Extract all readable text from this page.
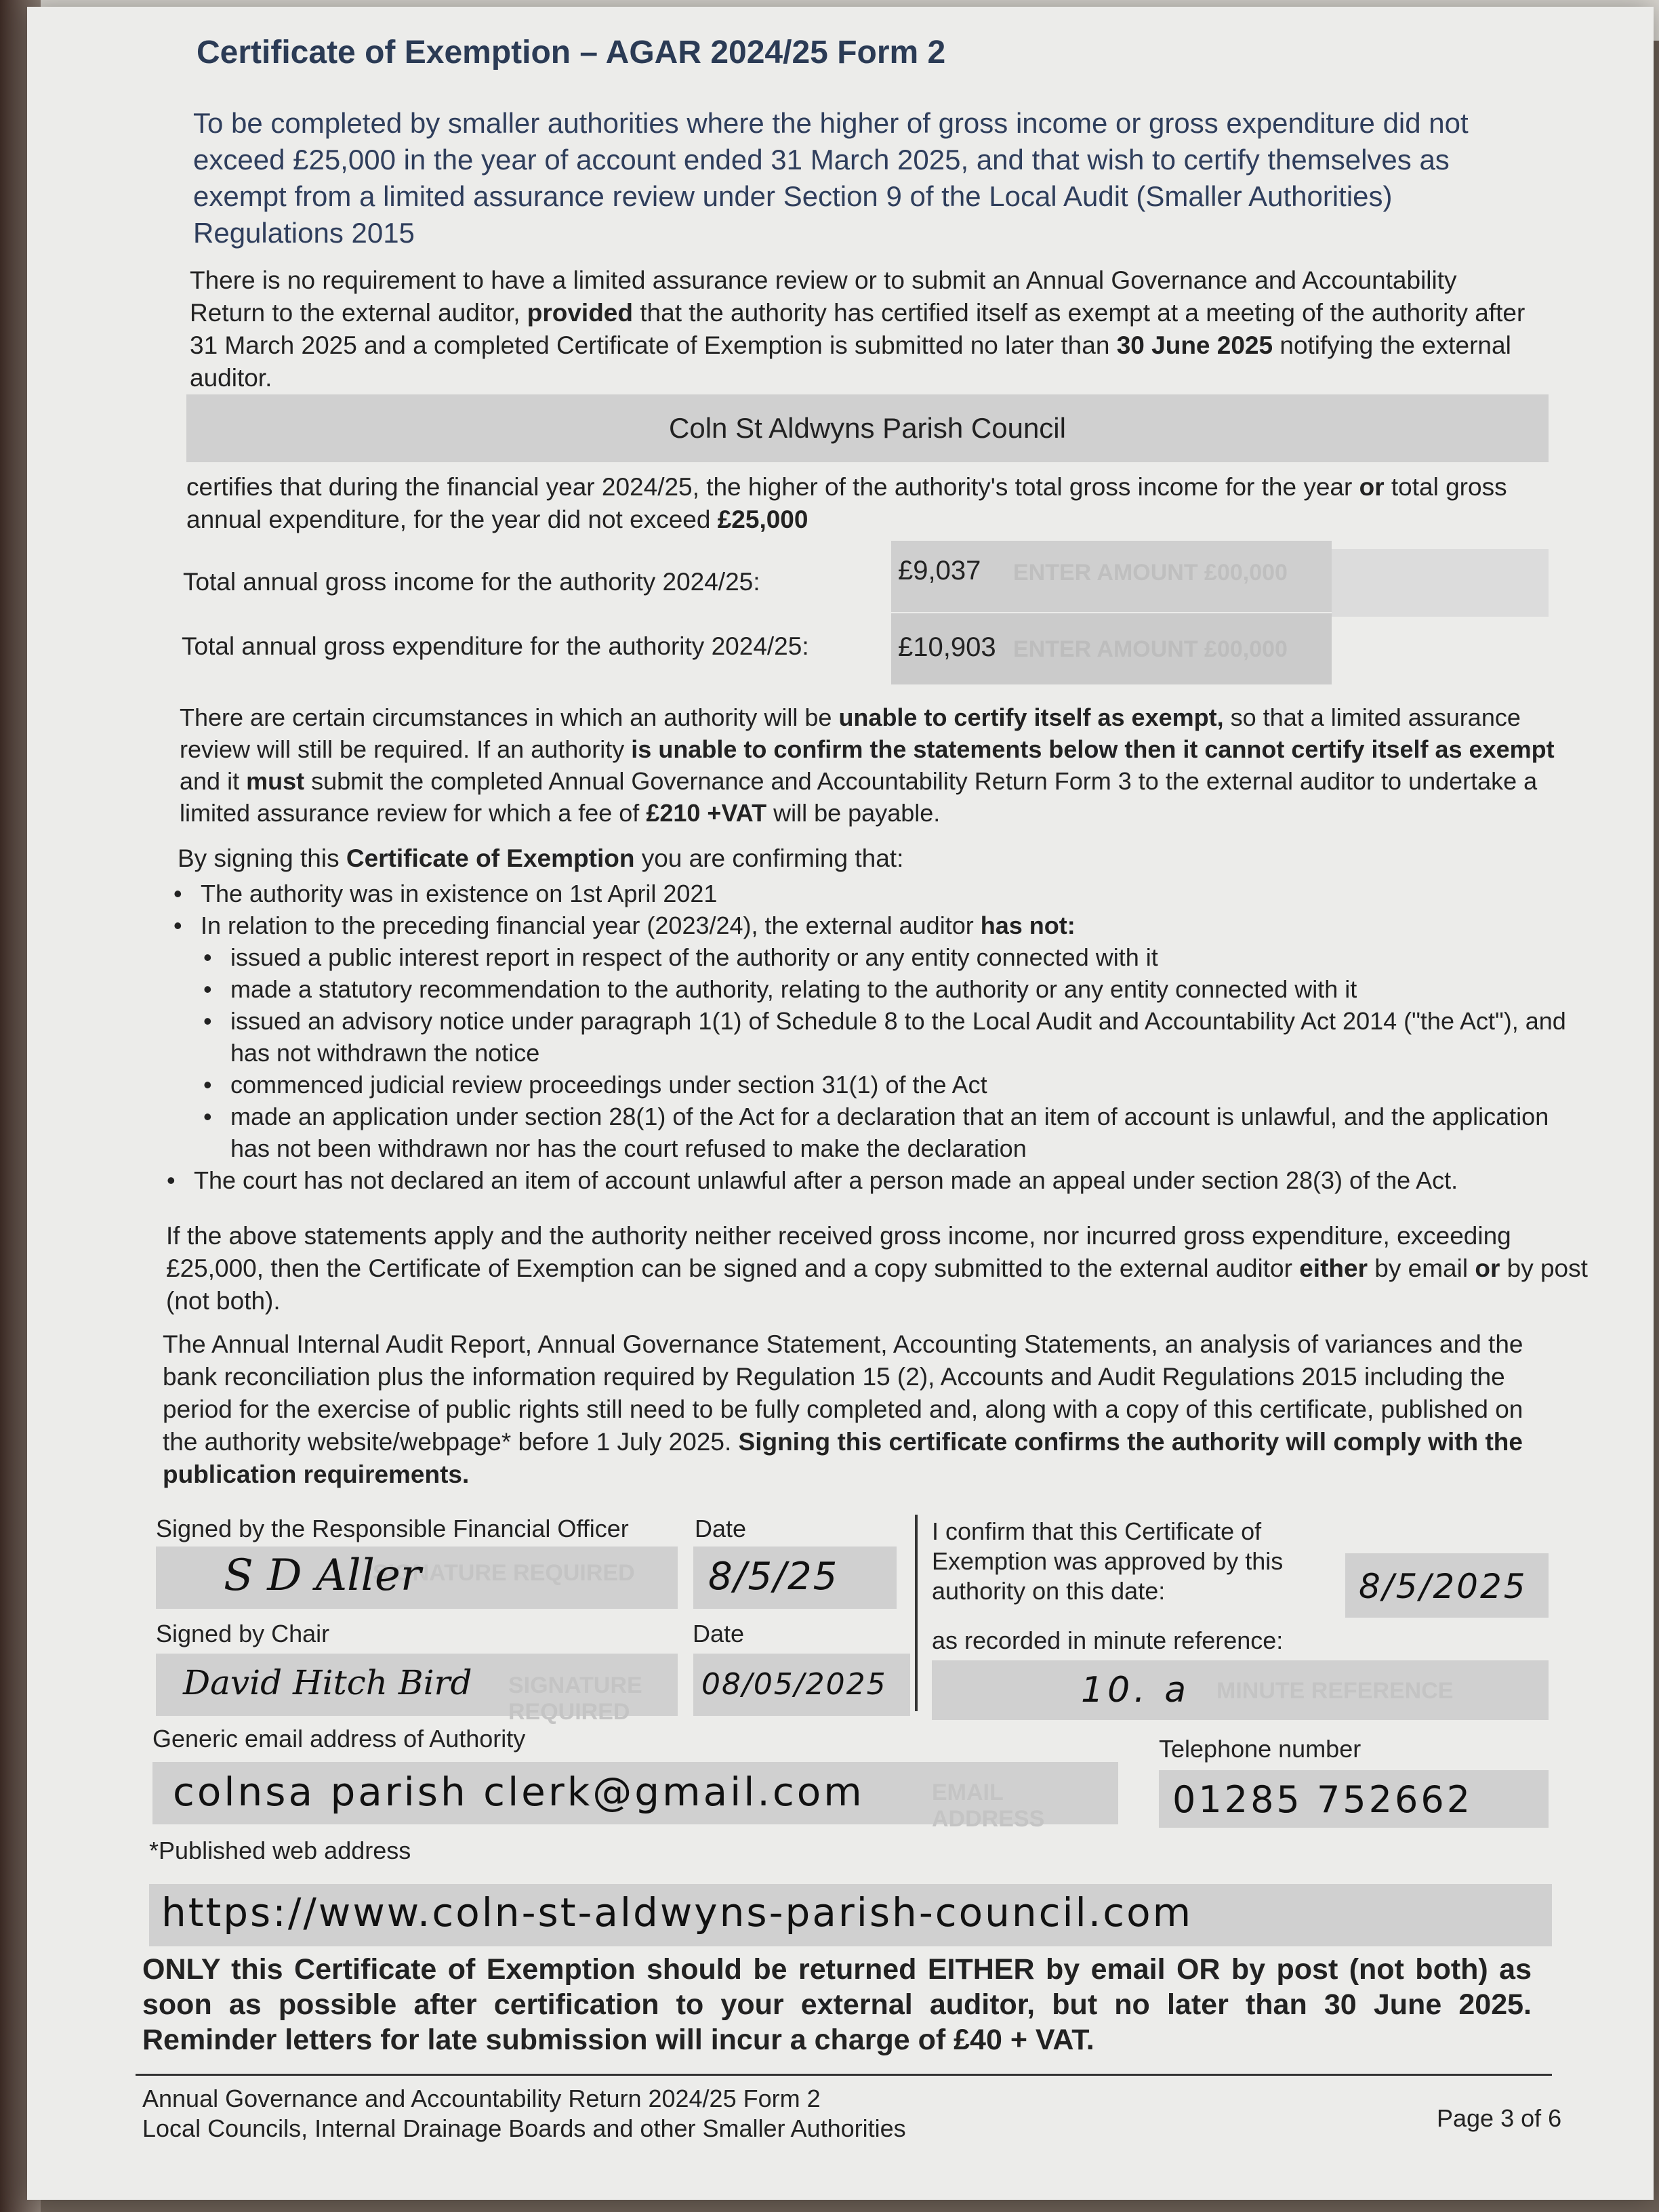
Certificate of Exemption – AGAR 2024/25 Form 2
To be completed by smaller authorities where the higher of gross income or gross expenditure did not exceed £25,000 in the year of account ended 31 March 2025, and that wish to certify themselves as exempt from a limited assurance review under Section 9 of the Local Audit (Smaller Authorities) Regulations 2015
There is no requirement to have a limited assurance review or to submit an Annual Governance and Accountability Return to the external auditor, provided that the authority has certified itself as exempt at a meeting of the authority after 31 March 2025 and a completed Certificate of Exemption is submitted no later than 30 June 2025 notifying the external auditor.
Coln St Aldwyns Parish Council
certifies that during the financial year 2024/25, the higher of the authority's total gross income for the year or total gross annual expenditure, for the year did not exceed £25,000
Total annual gross income for the authority 2024/25:	£9,037 ENTER AMOUNT £00,000
Total annual gross expenditure for the authority 2024/25:	£10,903 ENTER AMOUNT £00,000
There are certain circumstances in which an authority will be unable to certify itself as exempt, so that a limited assurance review will still be required. If an authority is unable to confirm the statements below then it cannot certify itself as exempt and it must submit the completed Annual Governance and Accountability Return Form 3 to the external auditor to undertake a limited assurance review for which a fee of £210 +VAT will be payable.
By signing this Certificate of Exemption you are confirming that:
• The authority was in existence on 1st April 2021
• In relation to the preceding financial year (2023/24), the external auditor has not:
• issued a public interest report in respect of the authority or any entity connected with it
• made a statutory recommendation to the authority, relating to the authority or any entity connected with it
• issued an advisory notice under paragraph 1(1) of Schedule 8 to the Local Audit and Accountability Act 2014 ("the Act"), and has not withdrawn the notice
• commenced judicial review proceedings under section 31(1) of the Act
• made an application under section 28(1) of the Act for a declaration that an item of account is unlawful, and the application has not been withdrawn nor has the court refused to make the declaration
• The court has not declared an item of account unlawful after a person made an appeal under section 28(3) of the Act.
If the above statements apply and the authority neither received gross income, nor incurred gross expenditure, exceeding £25,000, then the Certificate of Exemption can be signed and a copy submitted to the external auditor either by email or by post (not both).
The Annual Internal Audit Report, Annual Governance Statement, Accounting Statements, an analysis of variances and the bank reconciliation plus the information required by Regulation 15 (2), Accounts and Audit Regulations 2015 including the period for the exercise of public rights still need to be fully completed and, along with a copy of this certificate, published on the authority website/webpage* before 1 July 2025. Signing this certificate confirms the authority will comply with the publication requirements.
Signed by the Responsible Financial Officer	Date
SIGNATURE REQUIRED
S D Aller	8/5/25
I confirm that this Certificate of Exemption was approved by this authority on this date:	8/5/2025
Signed by Chair	Date	as recorded in minute reference:
SIGNATURE REQUIRED
David Hitch Bird	08/05/2025	MINUTE REFERENCE
10. a
Generic email address of Authority	Telephone number
EMAIL ADDRESS
colnsa parish clerk@gmail.com	01285 752662
*Published web address
https://www.coln-st-aldwyns-parish-council.com
ONLY this Certificate of Exemption should be returned EITHER by email OR by post (not both) as soon as possible after certification to your external auditor, but no later than 30 June 2025. Reminder letters for late submission will incur a charge of £40 + VAT.
Annual Governance and Accountability Return 2024/25 Form 2
Local Councils, Internal Drainage Boards and other Smaller Authorities	Page 3 of 6
